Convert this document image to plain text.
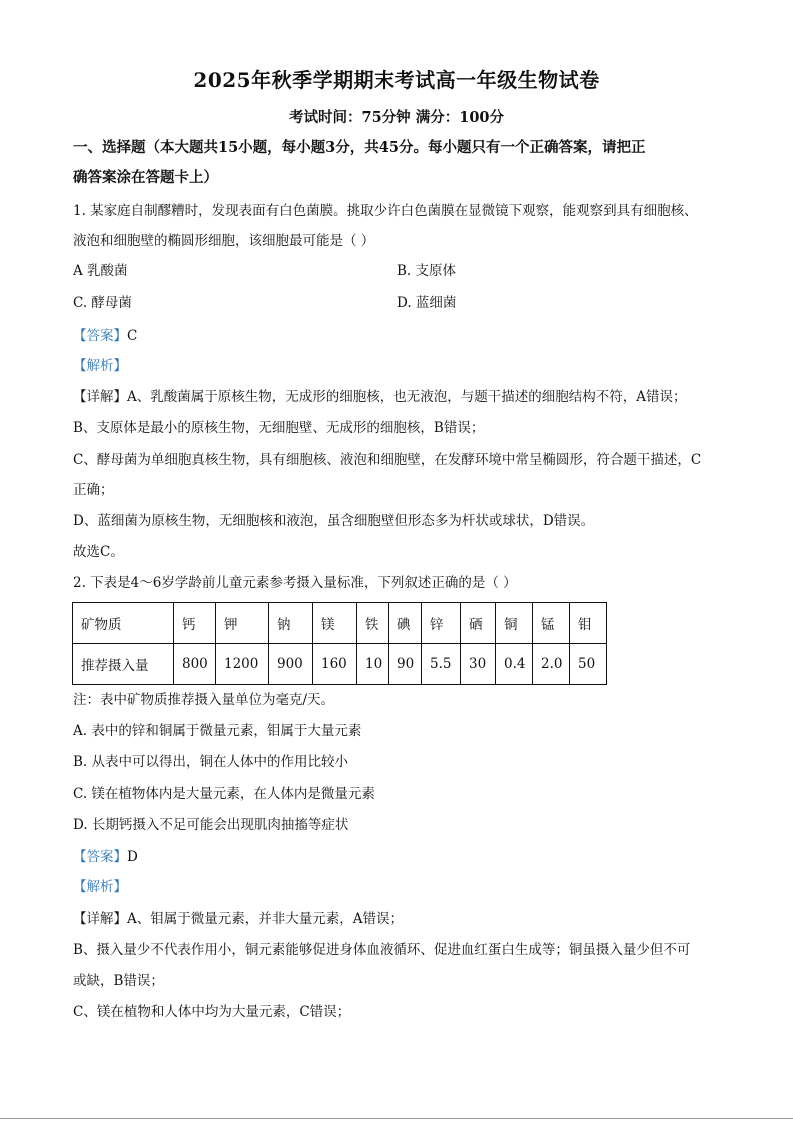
2025年秋季学期期末考试高一年级生物试卷
考试时间：75分钟 满分：100分
一、选择题（本大题共15小题，每小题3分，共45分。每小题只有一个正确答案，请把正
确答案涂在答题卡上）
1. 某家庭自制醪糟时，发现表面有白色菌膜。挑取少许白色菌膜在显微镜下观察，能观察到具有细胞核、
液泡和细胞壁的椭圆形细胞，该细胞最可能是（ ）
A 乳酸菌	B. 支原体
C. 酵母菌	D. 蓝细菌
【答案】C
【解析】
【详解】A、乳酸菌属于原核生物，无成形的细胞核，也无液泡，与题干描述的细胞结构不符，A错误；
B、支原体是最小的原核生物，无细胞壁、无成形的细胞核，B错误；
C、酵母菌为单细胞真核生物，具有细胞核、液泡和细胞壁，在发酵环境中常呈椭圆形，符合题干描述，C
正确；
D、蓝细菌为原核生物，无细胞核和液泡，虽含细胞壁但形态多为杆状或球状，D错误。
故选C。
2. 下表是4～6岁学龄前儿童元素参考摄入量标准，下列叙述正确的是（ ）
矿物质	钙	钾	钠	镁	铁	碘	锌	硒	铜	锰	钼
推荐摄入量	800	1200	900	160	10	90	5.5	30	0.4	2.0	50
注：表中矿物质推荐摄入量单位为毫克/天。
A. 表中的锌和铜属于微量元素，钼属于大量元素
B. 从表中可以得出，铜在人体中的作用比较小
C. 镁在植物体内是大量元素，在人体内是微量元素
D. 长期钙摄入不足可能会出现肌肉抽搐等症状
【答案】D
【解析】
【详解】A、钼属于微量元素，并非大量元素，A错误；
B、摄入量少不代表作用小，铜元素能够促进身体血液循环、促进血红蛋白生成等；铜虽摄入量少但不可
或缺，B错误；
C、镁在植物和人体中均为大量元素，C错误；
